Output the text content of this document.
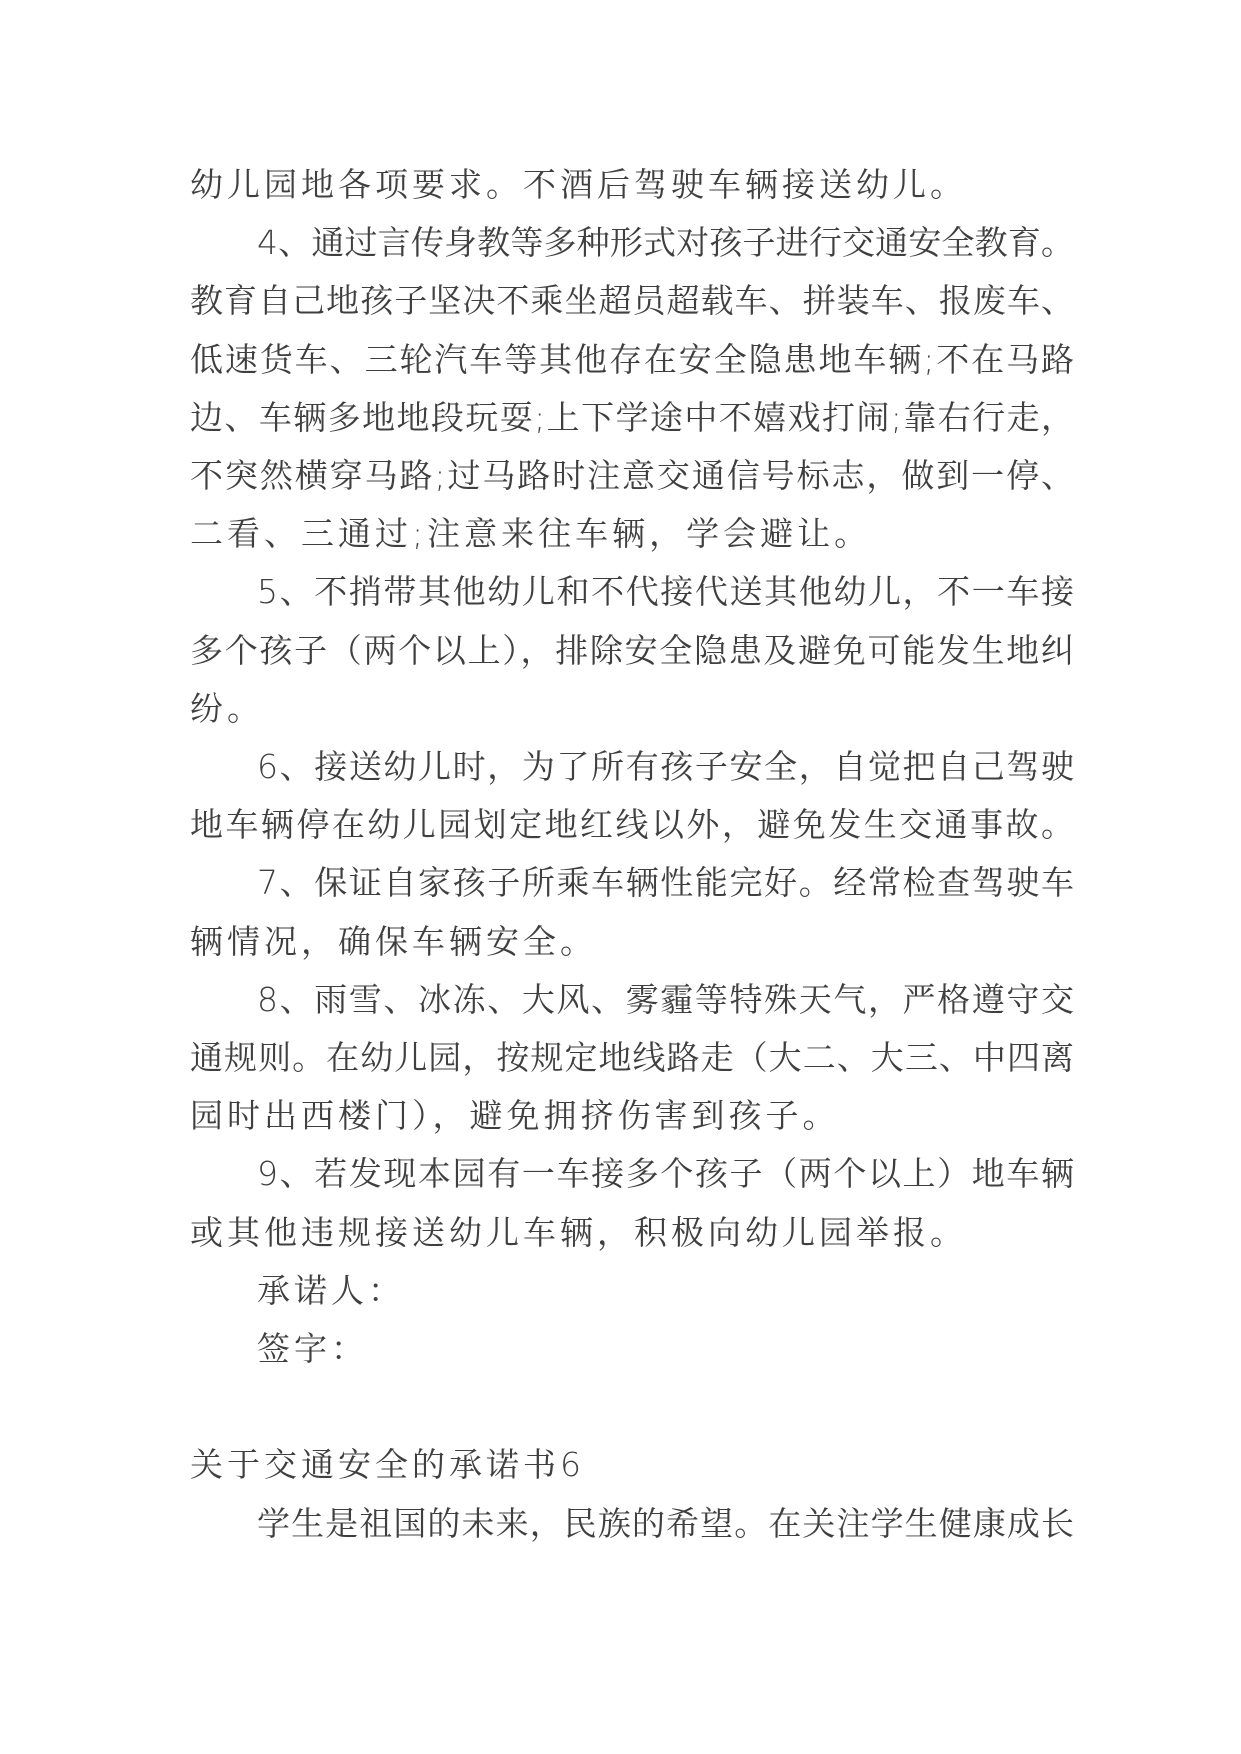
幼儿园地各项要求。不酒后驾驶车辆接送幼儿。
4、通过言传身教等多种形式对孩子进行交通安全教育。
教育自己地孩子坚决不乘坐超员超载车、拼装车、报废车、
低速货车、三轮汽车等其他存在安全隐患地车辆;不在马路
边、车辆多地地段玩耍;上下学途中不嬉戏打闹;靠右行走，
不突然横穿马路;过马路时注意交通信号标志，做到一停、
二看、三通过;注意来往车辆，学会避让。
5、不捎带其他幼儿和不代接代送其他幼儿，不一车接
多个孩子（两个以上），排除安全隐患及避免可能发生地纠
纷。
6、接送幼儿时，为了所有孩子安全，自觉把自己驾驶
地车辆停在幼儿园划定地红线以外，避免发生交通事故。
7、保证自家孩子所乘车辆性能完好。经常检查驾驶车
辆情况，确保车辆安全。
8、雨雪、冰冻、大风、雾霾等特殊天气，严格遵守交
通规则。在幼儿园，按规定地线路走（大二、大三、中四离
园时出西楼门），避免拥挤伤害到孩子。
9、若发现本园有一车接多个孩子（两个以上）地车辆
或其他违规接送幼儿车辆，积极向幼儿园举报。
承诺人：
签字：
关于交通安全的承诺书6
学生是祖国的未来，民族的希望。在关注学生健康成长
